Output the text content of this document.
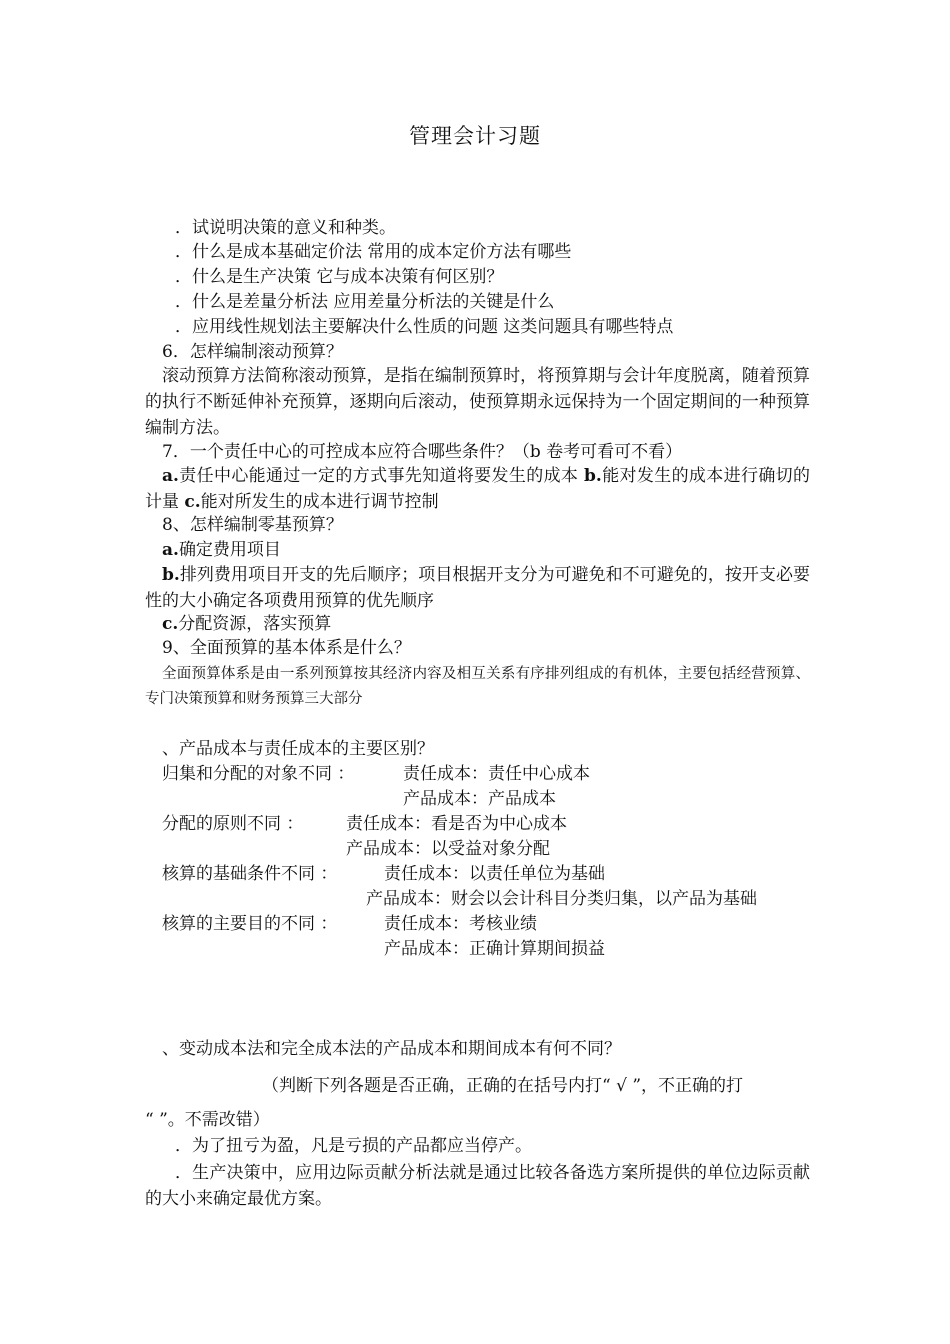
管理会计习题
．试说明决策的意义和种类。
．什么是成本基础定价法 常用的成本定价方法有哪些
．什么是生产决策 它与成本决策有何区别？
．什么是差量分析法 应用差量分析法的关键是什么
．应用线性规划法主要解决什么性质的问题 这类问题具有哪些特点
6．怎样编制滚动预算？
滚动预算方法简称滚动预算，是指在编制预算时，将预算期与会计年度脱离，随着预算的执行不断延伸补充预算，逐期向后滚动，使预算期永远保持为一个固定期间的一种预算编制方法。
7．一个责任中心的可控成本应符合哪些条件？（b 卷考可看可不看）
a.责任中心能通过一定的方式事先知道将要发生的成本 b.能对发生的成本进行确切的计量 c.能对所发生的成本进行调节控制
8、怎样编制零基预算？
a.确定费用项目
b.排列费用项目开支的先后顺序；项目根据开支分为可避免和不可避免的，按开支必要性的大小确定各项费用预算的优先顺序
c.分配资源，落实预算
9、全面预算的基本体系是什么？
全面预算体系是由一系列预算按其经济内容及相互关系有序排列组成的有机体，主要包括经营预算、专门决策预算和财务预算三大部分
、产品成本与责任成本的主要区别？
归集和分配的对象不同 ：	责任成本：责任中心成本
产品成本：产品成本
分配的原则不同 ：	责任成本：看是否为中心成本
产品成本：以受益对象分配
核算的基础条件不同 ：	责任成本：以责任单位为基础
产品成本：财会以会计科目分类归集，以产品为基础
核算的主要目的不同 ：	责任成本：考核业绩
产品成本：正确计算期间损益
、变动成本法和完全成本法的产品成本和期间成本有何不同？
（判断下列各题是否正确，正确的在括号内打“ √ ”，不正确的打
“ ”。不需改错）
．为了扭亏为盈，凡是亏损的产品都应当停产。
．生产决策中，应用边际贡献分析法就是通过比较各备选方案所提供的单位边际贡献的大小来确定最优方案。
